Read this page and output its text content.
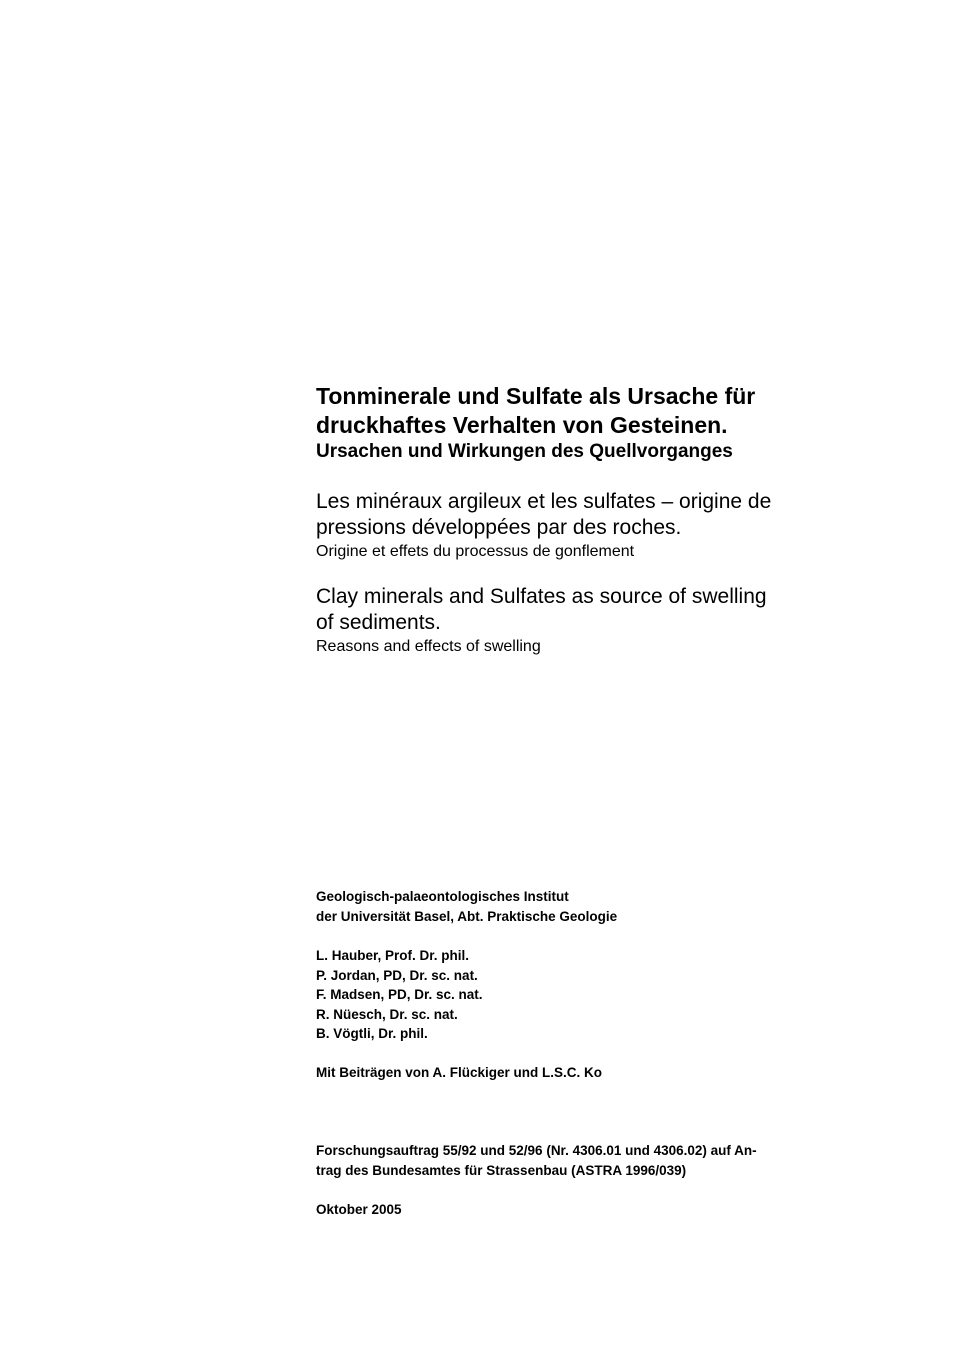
Tonminerale und Sulfate als Ursache für
druckhaftes Verhalten von Gesteinen.
Ursachen und Wirkungen des Quellvorganges
Les minéraux argileux et les sulfates – origine de
pressions développées par des roches.
Origine et effets du processus de gonflement
Clay minerals and Sulfates as source of swelling
of sediments.
Reasons and effects of swelling
Geologisch-palaeontologisches Institut
der Universität Basel, Abt. Praktische Geologie
L. Hauber, Prof. Dr. phil.
P. Jordan, PD, Dr. sc. nat.
F. Madsen, PD, Dr. sc. nat.
R. Nüesch, Dr. sc. nat.
B. Vögtli, Dr. phil.
Mit Beiträgen von A. Flückiger und L.S.C. Ko
Forschungsauftrag 55/92 und 52/96 (Nr. 4306.01 und 4306.02) auf An-
trag des Bundesamtes für Strassenbau (ASTRA 1996/039)
Oktober 2005
